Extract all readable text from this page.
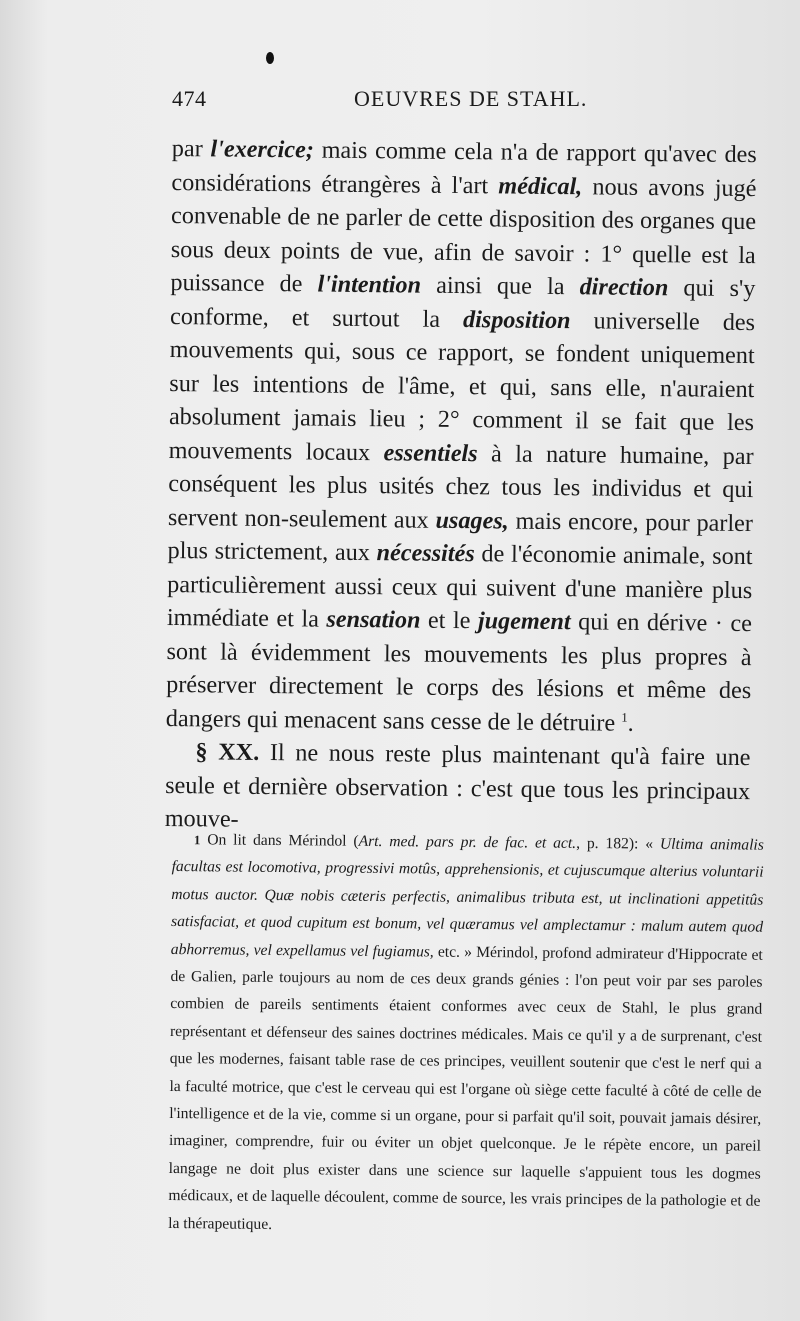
474	OEUVRES DE STAHL.

par l'exercice; mais comme cela n'a de rapport qu'avec des considérations étrangères à l'art médical, nous avons jugé convenable de ne parler de cette disposition des organes que sous deux points de vue, afin de savoir : 1° quelle est la puissance de l'intention ainsi que la direction qui s'y conforme, et surtout la disposition universelle des mouvements qui, sous ce rapport, se fondent uniquement sur les intentions de l'âme, et qui, sans elle, n'auraient absolument jamais lieu ; 2° comment il se fait que les mouvements locaux essentiels à la nature humaine, par conséquent les plus usités chez tous les individus et qui servent non-seulement aux usages, mais encore, pour parler plus strictement, aux nécessités de l'économie animale, sont particulièrement aussi ceux qui suivent d'une manière plus immédiate et la sensation et le jugement qui en dérive · ce sont là évidemment les mouvements les plus propres à préserver directement le corps des lésions et même des dangers qui menacent sans cesse de le détruire $^1$.

§ XX. Il ne nous reste plus maintenant qu'à faire une seule et dernière observation : c'est que tous les principaux mouve-

1 On lit dans Mérindol (Art. med. pars pr. de fac. et act., p. 182): « Ultima animalis facultas est locomotiva, progressivi motûs, apprehensionis, et cujuscumque alterius voluntarii motus auctor. Quæ nobis cæteris perfectis, animalibus tributa est, ut inclinationi appetitûs satisfaciat, et quod cupitum est bonum, vel quæramus vel amplectamur : malum autem quod abhorremus, vel expellamus vel fugiamus, etc. » Mérindol, profond admirateur d'Hippocrate et de Galien, parle toujours au nom de ces deux grands génies : l'on peut voir par ses paroles combien de pareils sentiments étaient conformes avec ceux de Stahl, le plus grand représentant et défenseur des saines doctrines médicales. Mais ce qu'il y a de surprenant, c'est que les modernes, faisant table rase de ces principes, veuillent soutenir que c'est le nerf qui a la faculté motrice, que c'est le cerveau qui est l'organe où siège cette faculté à côté de celle de l'intelligence et de la vie, comme si un organe, pour si parfait qu'il soit, pouvait jamais désirer, imaginer, comprendre, fuir ou éviter un objet quelconque. Je le répète encore, un pareil langage ne doit plus exister dans une science sur laquelle s'appuient tous les dogmes médicaux, et de laquelle découlent, comme de source, les vrais principes de la pathologie et de la thérapeutique.
